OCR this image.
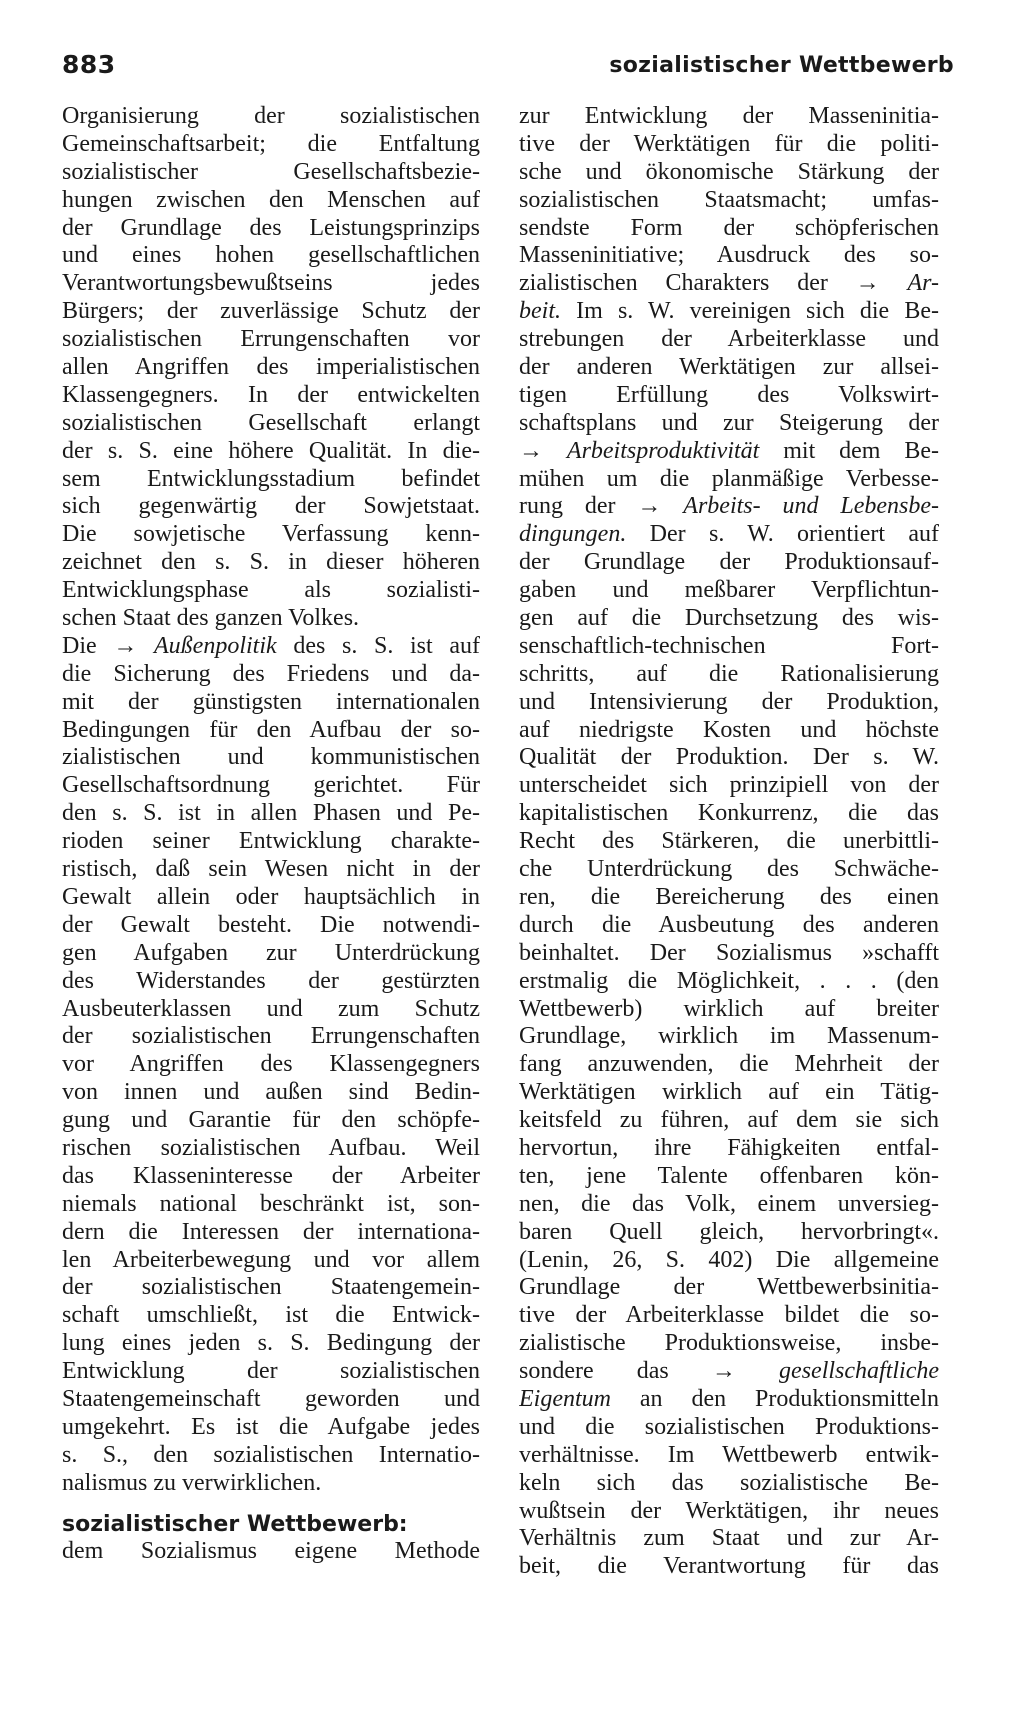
883	sozialistischer Wettbewerb
Organisierung der sozialistischen
Gemeinschaftsarbeit; die Entfaltung
sozialistischer Gesellschaftsbezie-
hungen zwischen den Menschen auf
der Grundlage des Leistungsprinzips
und eines hohen gesellschaftlichen
Verantwortungsbewußtseins jedes
Bürgers; der zuverlässige Schutz der
sozialistischen Errungenschaften vor
allen Angriffen des imperialistischen
Klassengegners. In der entwickelten
sozialistischen Gesellschaft erlangt
der s. S. eine höhere Qualität. In die-
sem Entwicklungsstadium befindet
sich gegenwärtig der Sowjetstaat.
Die sowjetische Verfassung kenn-
zeichnet den s. S. in dieser höheren
Entwicklungsphase als sozialisti-
schen Staat des ganzen Volkes.
Die → Außenpolitik des s. S. ist auf
die Sicherung des Friedens und da-
mit der günstigsten internationalen
Bedingungen für den Aufbau der so-
zialistischen und kommunistischen
Gesellschaftsordnung gerichtet. Für
den s. S. ist in allen Phasen und Pe-
rioden seiner Entwicklung charakte-
ristisch, daß sein Wesen nicht in der
Gewalt allein oder hauptsächlich in
der Gewalt besteht. Die notwendi-
gen Aufgaben zur Unterdrückung
des Widerstandes der gestürzten
Ausbeuterklassen und zum Schutz
der sozialistischen Errungenschaften
vor Angriffen des Klassengegners
von innen und außen sind Bedin-
gung und Garantie für den schöpfe-
rischen sozialistischen Aufbau. Weil
das Klasseninteresse der Arbeiter
niemals national beschränkt ist, son-
dern die Interessen der internationa-
len Arbeiterbewegung und vor allem
der sozialistischen Staatengemein-
schaft umschließt, ist die Entwick-
lung eines jeden s. S. Bedingung der
Entwicklung der sozialistischen
Staatengemeinschaft geworden und
umgekehrt. Es ist die Aufgabe jedes
s. S., den sozialistischen Internatio-
nalismus zu verwirklichen.
sozialistischer Wettbewerb:
dem Sozialismus eigene Methode
zur Entwicklung der Masseninitia-
tive der Werktätigen für die politi-
sche und ökonomische Stärkung der
sozialistischen Staatsmacht; umfas-
sendste Form der schöpferischen
Masseninitiative; Ausdruck des so-
zialistischen Charakters der → Ar-
beit. Im s. W. vereinigen sich die Be-
strebungen der Arbeiterklasse und
der anderen Werktätigen zur allsei-
tigen Erfüllung des Volkswirt-
schaftsplans und zur Steigerung der
→ Arbeitsproduktivität mit dem Be-
mühen um die planmäßige Verbesse-
rung der → Arbeits- und Lebensbe-
dingungen. Der s. W. orientiert auf
der Grundlage der Produktionsauf-
gaben und meßbarer Verpflichtun-
gen auf die Durchsetzung des wis-
senschaftlich-technischen Fort-
schritts, auf die Rationalisierung
und Intensivierung der Produktion,
auf niedrigste Kosten und höchste
Qualität der Produktion. Der s. W.
unterscheidet sich prinzipiell von der
kapitalistischen Konkurrenz, die das
Recht des Stärkeren, die unerbittli-
che Unterdrückung des Schwäche-
ren, die Bereicherung des einen
durch die Ausbeutung des anderen
beinhaltet. Der Sozialismus »schafft
erstmalig die Möglichkeit, . . . (den
Wettbewerb) wirklich auf breiter
Grundlage, wirklich im Massenum-
fang anzuwenden, die Mehrheit der
Werktätigen wirklich auf ein Tätig-
keitsfeld zu führen, auf dem sie sich
hervortun, ihre Fähigkeiten entfal-
ten, jene Talente offenbaren kön-
nen, die das Volk, einem unversieg-
baren Quell gleich, hervorbringt«.
(Lenin, 26, S. 402) Die allgemeine
Grundlage der Wettbewerbsinitia-
tive der Arbeiterklasse bildet die so-
zialistische Produktionsweise, insbe-
sondere das → gesellschaftliche
Eigentum an den Produktionsmitteln
und die sozialistischen Produktions-
verhältnisse. Im Wettbewerb entwik-
keln sich das sozialistische Be-
wußtsein der Werktätigen, ihr neues
Verhältnis zum Staat und zur Ar-
beit, die Verantwortung für das
